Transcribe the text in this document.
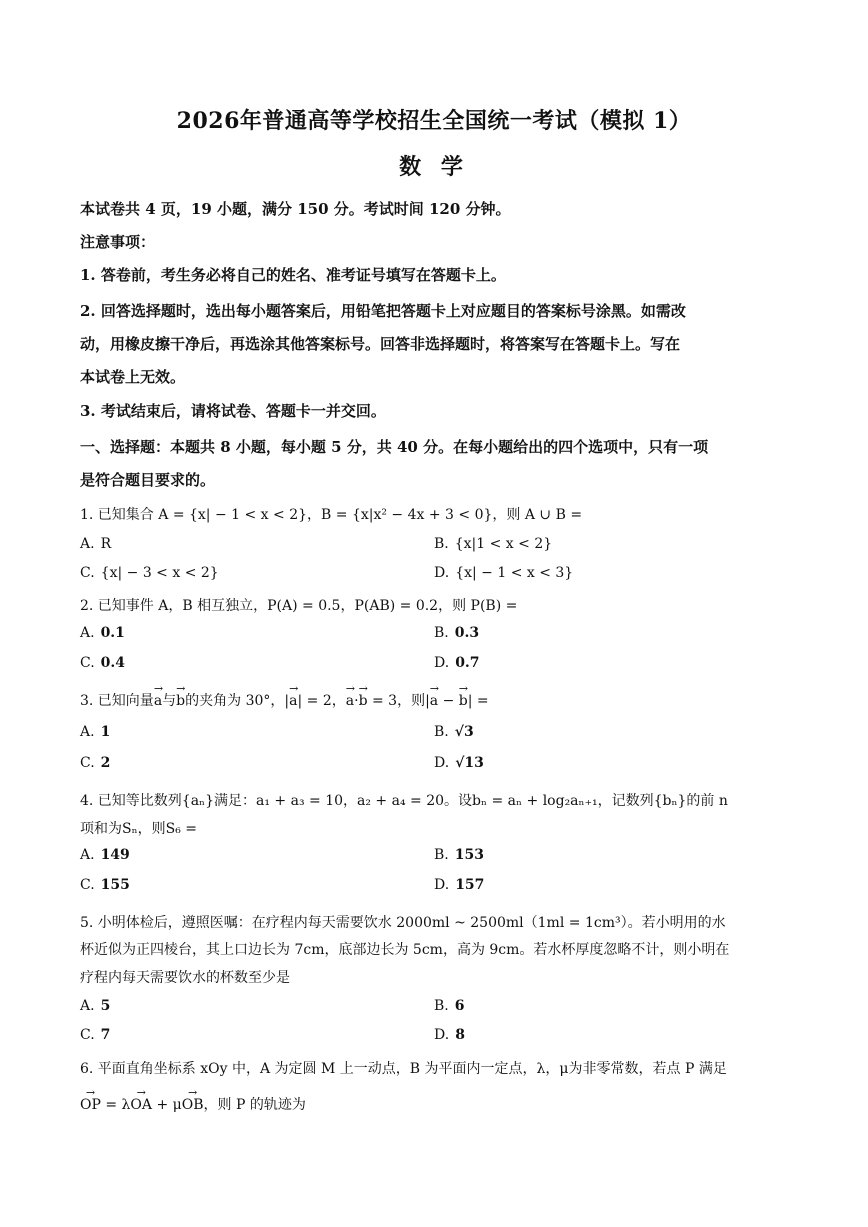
2026年普通高等学校招生全国统一考试（模拟 1）
数 学
本试卷共 4 页，19 小题，满分 150 分。考试时间 120 分钟。
注意事项：
1. 答卷前，考生务必将自己的姓名、准考证号填写在答题卡上。
2. 回答选择题时，选出每小题答案后，用铅笔把答题卡上对应题目的答案标号涂黑。如需改
动，用橡皮擦干净后，再选涂其他答案标号。回答非选择题时，将答案写在答题卡上。写在
本试卷上无效。
3. 考试结束后，请将试卷、答题卡一并交回。
一、选择题：本题共 8 小题，每小题 5 分，共 40 分。在每小题给出的四个选项中，只有一项
是符合题目要求的。
1. 已知集合 A = {x| − 1 < x < 2}，B = {x|x² − 4x + 3 < 0}，则 A ∪ B =
A. R	B. {x|1 < x < 2}
C. {x| − 3 < x < 2}	D. {x| − 1 < x < 3}
2. 已知事件 A，B 相互独立，P(A) = 0.5，P(AB) = 0.2，则 P(B) =
A. 0.1	B. 0.3
C. 0.4	D. 0.7
3. 已知向量→ a与→ b的夹角为 30°，|→ a| = 2，→ a·→ b = 3，则|→ a − → b| =
A. 1	B. √3
C. 2	D. √13
4. 已知等比数列{aₙ}满足：a₁ + a₃ = 10，a₂ + a₄ = 20。设bₙ = aₙ + log₂aₙ₊₁，记数列{bₙ}的前 n
项和为Sₙ，则S₆ =
A. 149	B. 153
C. 155	D. 157
5. 小明体检后，遵照医嘱：在疗程内每天需要饮水 2000ml ~ 2500ml（1ml = 1cm³）。若小明用的水
杯近似为正四棱台，其上口边长为 7cm，底部边长为 5cm，高为 9cm。若水杯厚度忽略不计，则小明在
疗程内每天需要饮水的杯数至少是
A. 5	B. 6
C. 7	D. 8
6. 平面直角坐标系 xOy 中，A 为定圆 M 上一动点，B 为平面内一定点，λ，μ为非零常数，若点 P 满足
→ OP = λ→ OA + μ→ OB，则 P 的轨迹为
